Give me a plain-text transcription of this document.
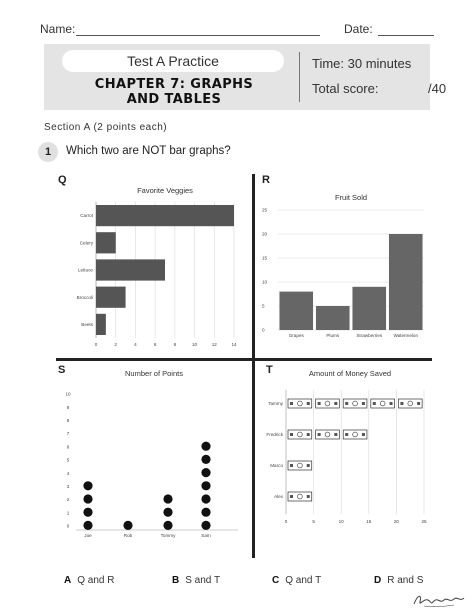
Name:	Date:
Test A Practice
CHAPTER 7: GRAPHS
AND TABLES
Time: 30 minutes
Total score:	/40
Section A (2 points each)
1	Which two are NOT bar graphs?
Q	R
S	T
Favorite Veggies
0	2	4	6	8	10	12	14
Carrot
Celery
Lettuce
Broccoli
Beets
Fruit Sold
0
5
10
15
20
25
Grapes	Plums	Strawberries Watermelon
Number of Points
0
1
2
3
4
5
6
7
8
9
10
Joe	Rob	Tommy	Sam
Amount of Money Saved
0	5	10	15	20	25
Tammy
Fredrick
Marco
Alex
A Q and R	B S and T	C Q and T	D R and S
